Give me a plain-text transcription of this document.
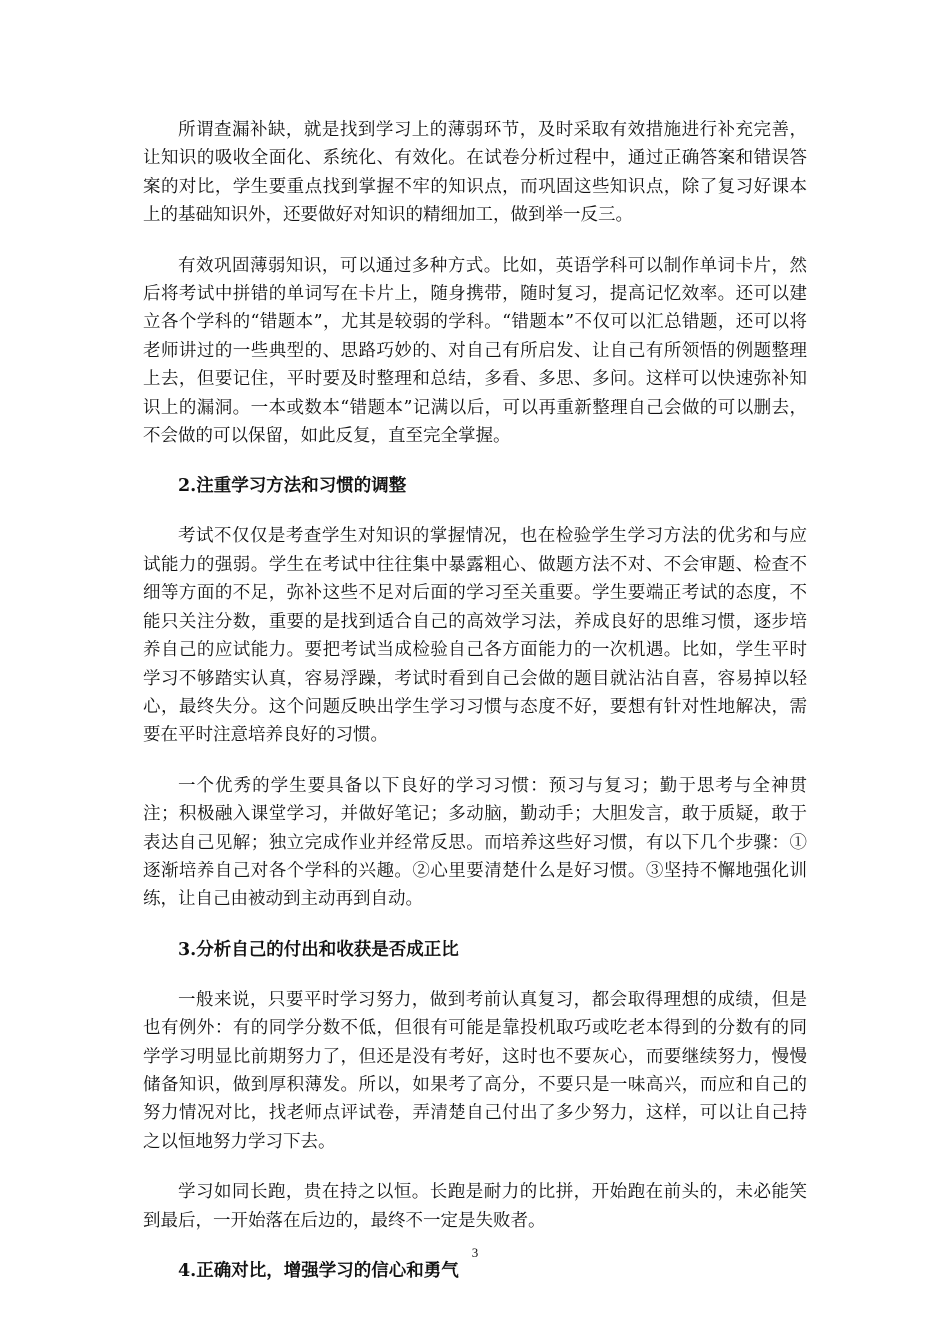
所谓查漏补缺，就是找到学习上的薄弱环节，及时采取有效措施进行补充完善，让知识的吸收全面化、系统化、有效化。在试卷分析过程中，通过正确答案和错误答案的对比，学生要重点找到掌握不牢的知识点，而巩固这些知识点，除了复习好课本上的基础知识外，还要做好对知识的精细加工，做到举一反三。

有效巩固薄弱知识，可以通过多种方式。比如，英语学科可以制作单词卡片，然后将考试中拼错的单词写在卡片上，随身携带，随时复习，提高记忆效率。还可以建立各个学科的“错题本”，尤其是较弱的学科。“错题本”不仅可以汇总错题，还可以将老师讲过的一些典型的、思路巧妙的、对自己有所启发、让自己有所领悟的例题整理上去，但要记住，平时要及时整理和总结，多看、多思、多问。这样可以快速弥补知识上的漏洞。一本或数本“错题本”记满以后，可以再重新整理自己会做的可以删去，不会做的可以保留，如此反复，直至完全掌握。

2.注重学习方法和习惯的调整

考试不仅仅是考查学生对知识的掌握情况，也在检验学生学习方法的优劣和与应试能力的强弱。学生在考试中往往集中暴露粗心、做题方法不对、不会审题、检查不细等方面的不足，弥补这些不足对后面的学习至关重要。学生要端正考试的态度，不能只关注分数，重要的是找到适合自己的高效学习法，养成良好的思维习惯，逐步培养自己的应试能力。要把考试当成检验自己各方面能力的一次机遇。比如，学生平时学习不够踏实认真，容易浮躁，考试时看到自己会做的题目就沾沾自喜，容易掉以轻心，最终失分。这个问题反映出学生学习习惯与态度不好，要想有针对性地解决，需要在平时注意培养良好的习惯。

一个优秀的学生要具备以下良好的学习习惯：预习与复习；勤于思考与全神贯注；积极融入课堂学习，并做好笔记；多动脑，勤动手；大胆发言，敢于质疑，敢于表达自己见解；独立完成作业并经常反思。而培养这些好习惯，有以下几个步骤：①逐渐培养自己对各个学科的兴趣。②心里要清楚什么是好习惯。③坚持不懈地强化训练，让自己由被动到主动再到自动。

3.分析自己的付出和收获是否成正比

一般来说，只要平时学习努力，做到考前认真复习，都会取得理想的成绩，但是也有例外：有的同学分数不低，但很有可能是靠投机取巧或吃老本得到的分数有的同学学习明显比前期努力了，但还是没有考好，这时也不要灰心，而要继续努力，慢慢储备知识，做到厚积薄发。所以，如果考了高分，不要只是一味高兴，而应和自己的努力情况对比，找老师点评试卷，弄清楚自己付出了多少努力，这样，可以让自己持之以恒地努力学习下去。

学习如同长跑，贵在持之以恒。长跑是耐力的比拼，开始跑在前头的，未必能笑到最后，一开始落在后边的，最终不一定是失败者。

4.正确对比，增强学习的信心和勇气
3
